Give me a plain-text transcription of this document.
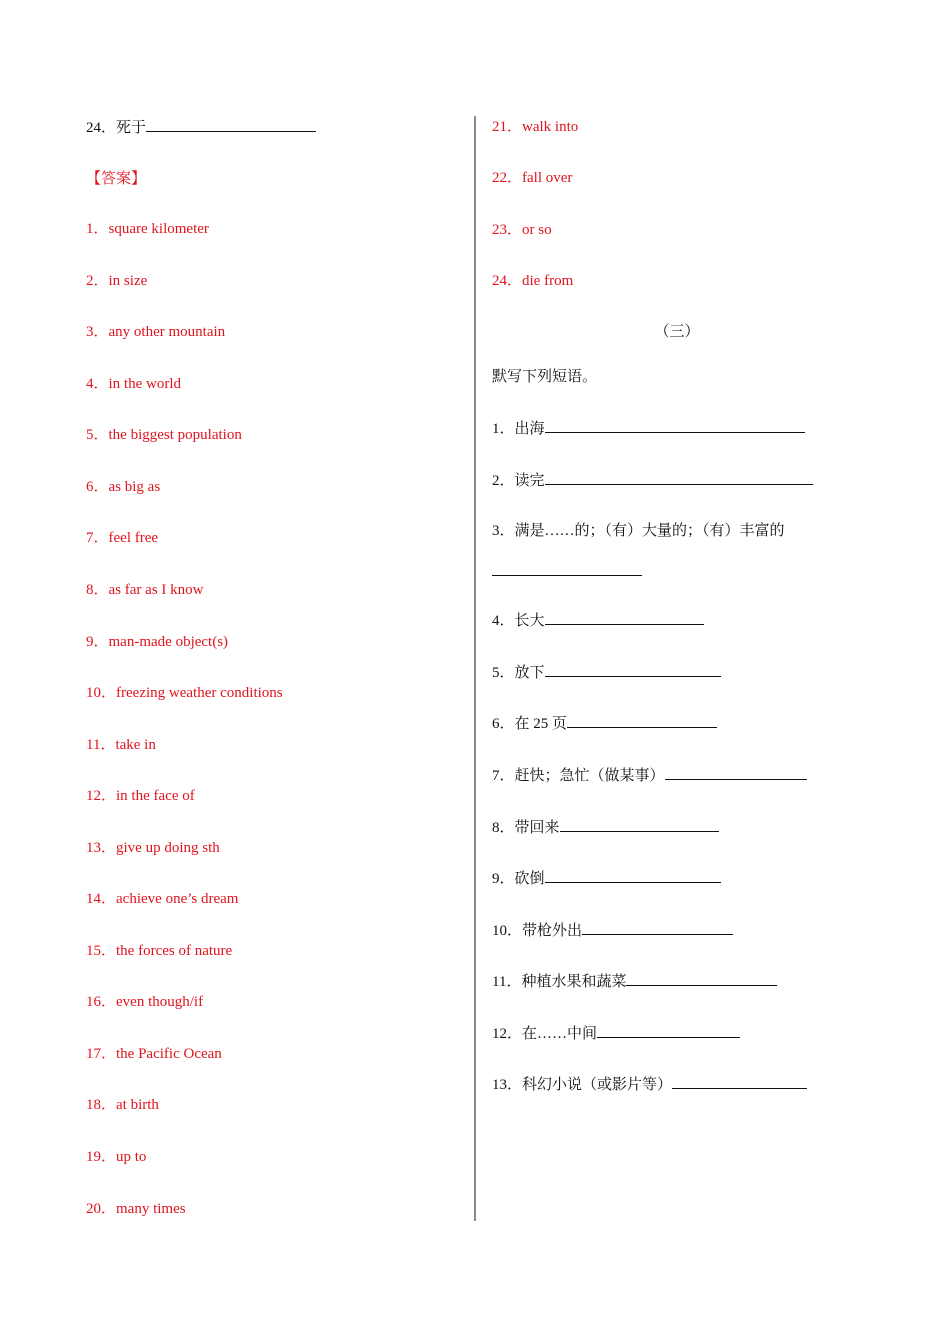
24．死于
【答案】
1．square kilometer
2．in size
3．any other mountain
4．in the world
5．the biggest population
6．as big as
7．feel free
8．as far as I know
9．man-made object(s)
10．freezing weather conditions
11．take in
12．in the face of
13．give up doing sth
14．achieve one’s dream
15．the forces of nature
16．even though/if
17．the Pacific Ocean
18．at birth
19．up to
20．many times
21．walk into
22．fall over
23．or so
24．die from
（三）
默写下列短语。
1．出海
2．读完
3．满是……的；（有）大量的；（有）丰富的
4．长大
5．放下
6．在 25 页
7．赶快；急忙（做某事）
8．带回来
9．砍倒
10．带枪外出
11．种植水果和蔬菜
12．在……中间
13．科幻小说（或影片等）
